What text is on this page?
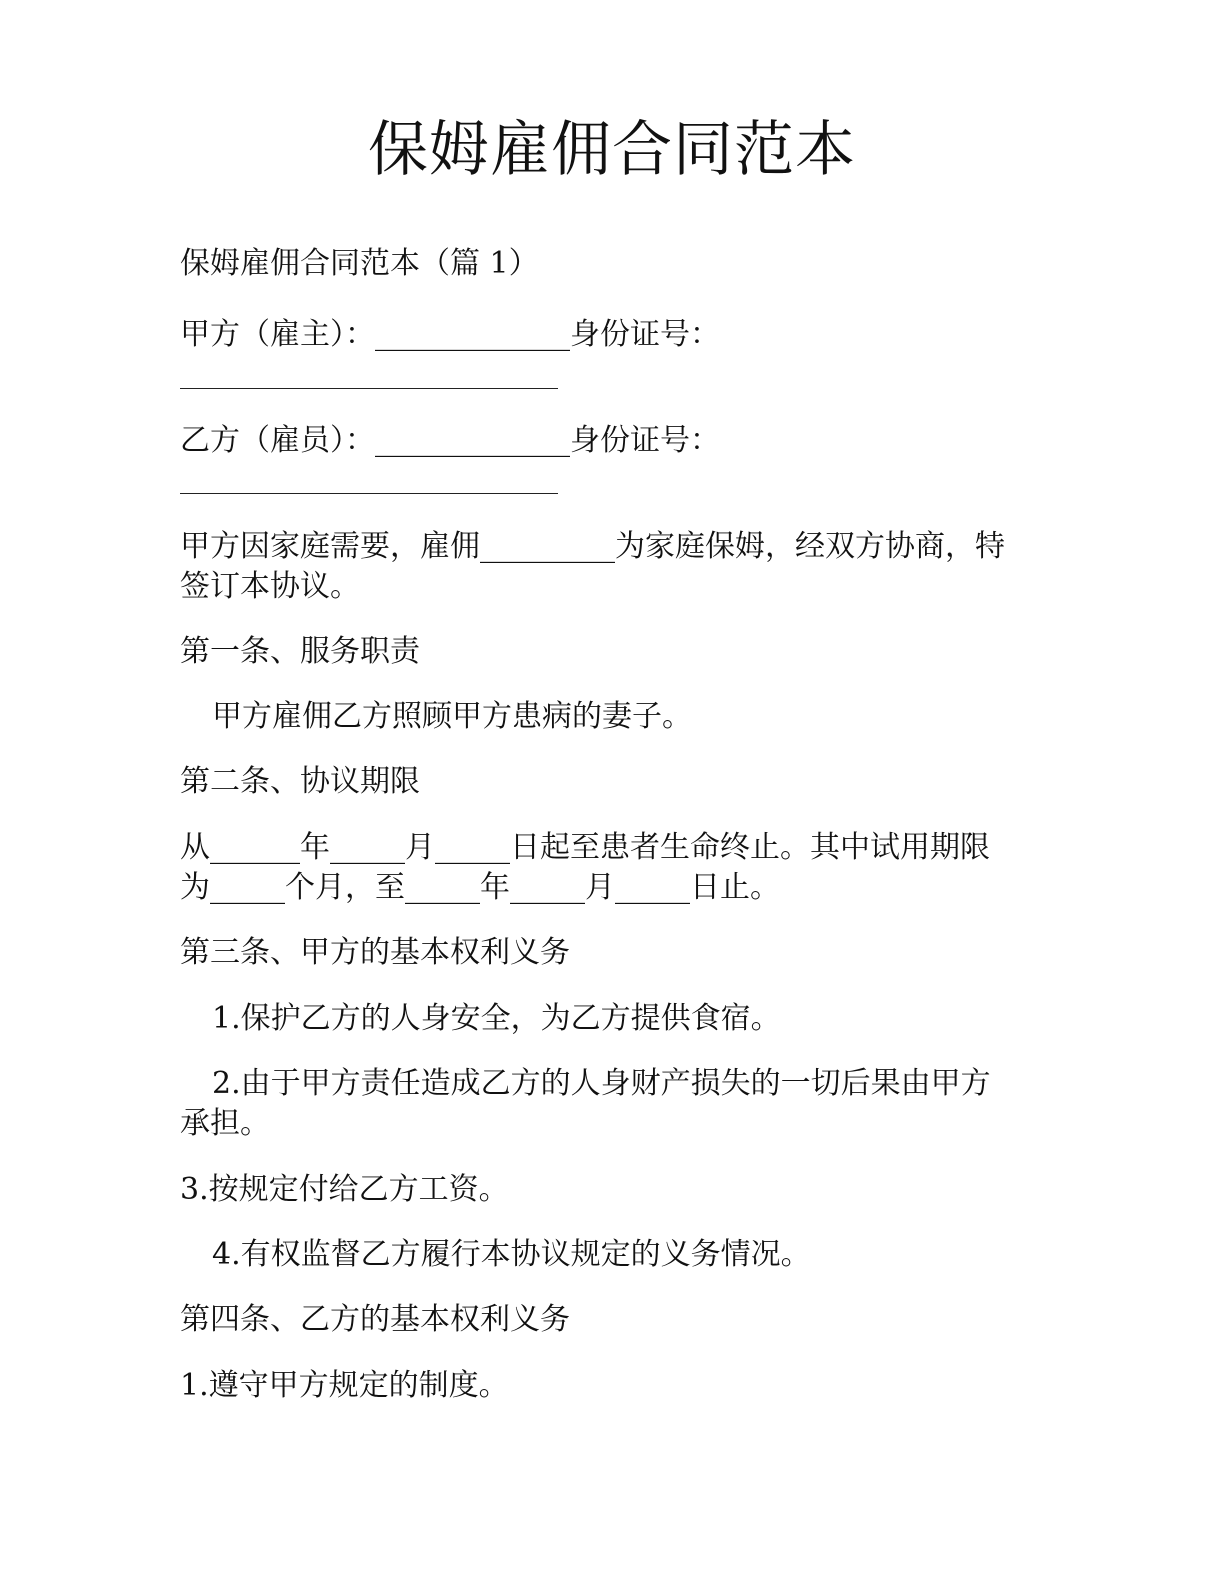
保姆雇佣合同范本

保姆雇佣合同范本（篇 1）

甲方（雇主）：_____________身份证号：

乙方（雇员）：_____________身份证号：

甲方因家庭需要，雇佣_________为家庭保姆，经双方协商，特

签订本协议。

第一条、服务职责

甲方雇佣乙方照顾甲方患病的妻子。

第二条、协议期限

从______年_____月_____日起至患者生命终止。其中试用期限

为_____个月，至_____年_____月_____日止。

第三条、甲方的基本权利义务

1.保护乙方的人身安全，为乙方提供食宿。

2.由于甲方责任造成乙方的人身财产损失的一切后果由甲方

承担。

3.按规定付给乙方工资。

4.有权监督乙方履行本协议规定的义务情况。

第四条、乙方的基本权利义务

1.遵守甲方规定的制度。
